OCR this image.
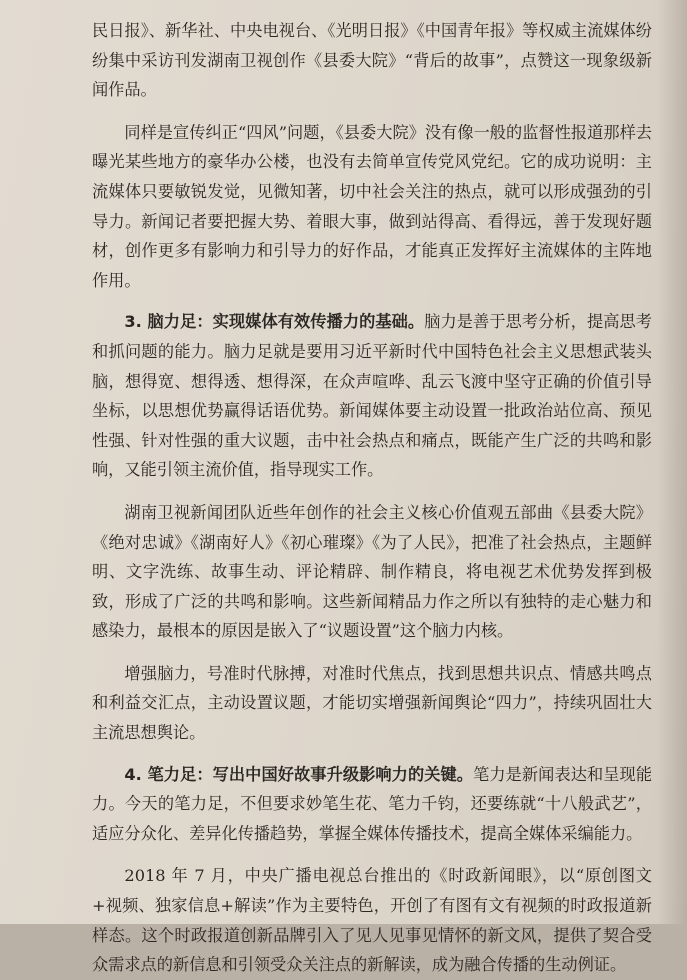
民日报》、新华社、中央电视台、《光明日报》《中国青年报》等权威主流媒体纷纷集中采访刊发湖南卫视创作《县委大院》“背后的故事”，点赞这一现象级新闻作品。

同样是宣传纠正“四风”问题，《县委大院》没有像一般的监督性报道那样去曝光某些地方的豪华办公楼，也没有去简单宣传党风党纪。它的成功说明：主流媒体只要敏锐发觉，见微知著，切中社会关注的热点，就可以形成强劲的引导力。新闻记者要把握大势、着眼大事，做到站得高、看得远，善于发现好题材，创作更多有影响力和引导力的好作品，才能真正发挥好主流媒体的主阵地作用。

3. 脑力足：实现媒体有效传播力的基础。脑力是善于思考分析，提高思考和抓问题的能力。脑力足就是要用习近平新时代中国特色社会主义思想武装头脑，想得宽、想得透、想得深，在众声喧哗、乱云飞渡中坚守正确的价值引导坐标，以思想优势赢得话语优势。新闻媒体要主动设置一批政治站位高、预见性强、针对性强的重大议题，击中社会热点和痛点，既能产生广泛的共鸣和影响，又能引领主流价值，指导现实工作。

湖南卫视新闻团队近些年创作的社会主义核心价值观五部曲《县委大院》《绝对忠诚》《湖南好人》《初心璀璨》《为了人民》，把准了社会热点，主题鲜明、文字洗练、故事生动、评论精辟、制作精良，将电视艺术优势发挥到极致，形成了广泛的共鸣和影响。这些新闻精品力作之所以有独特的走心魅力和感染力，最根本的原因是嵌入了“议题设置”这个脑力内核。

增强脑力，号准时代脉搏，对准时代焦点，找到思想共识点、情感共鸣点和利益交汇点，主动设置议题，才能切实增强新闻舆论“四力”，持续巩固壮大主流思想舆论。

4. 笔力足：写出中国好故事升级影响力的关键。笔力是新闻表达和呈现能力。今天的笔力足，不但要求妙笔生花、笔力千钧，还要练就“十八般武艺”，适应分众化、差异化传播趋势，掌握全媒体传播技术，提高全媒体采编能力。

2018 年 7 月，中央广播电视总台推出的《时政新闻眼》，以“原创图文+视频、独家信息+解读”作为主要特色，开创了有图有文有视频的时政报道新样态。这个时政报道创新品牌引入了见人见事见情怀的新文风，提供了契合受众需求点的新信息和引领受众关注点的新解读，成为融合传播的生动例证。
